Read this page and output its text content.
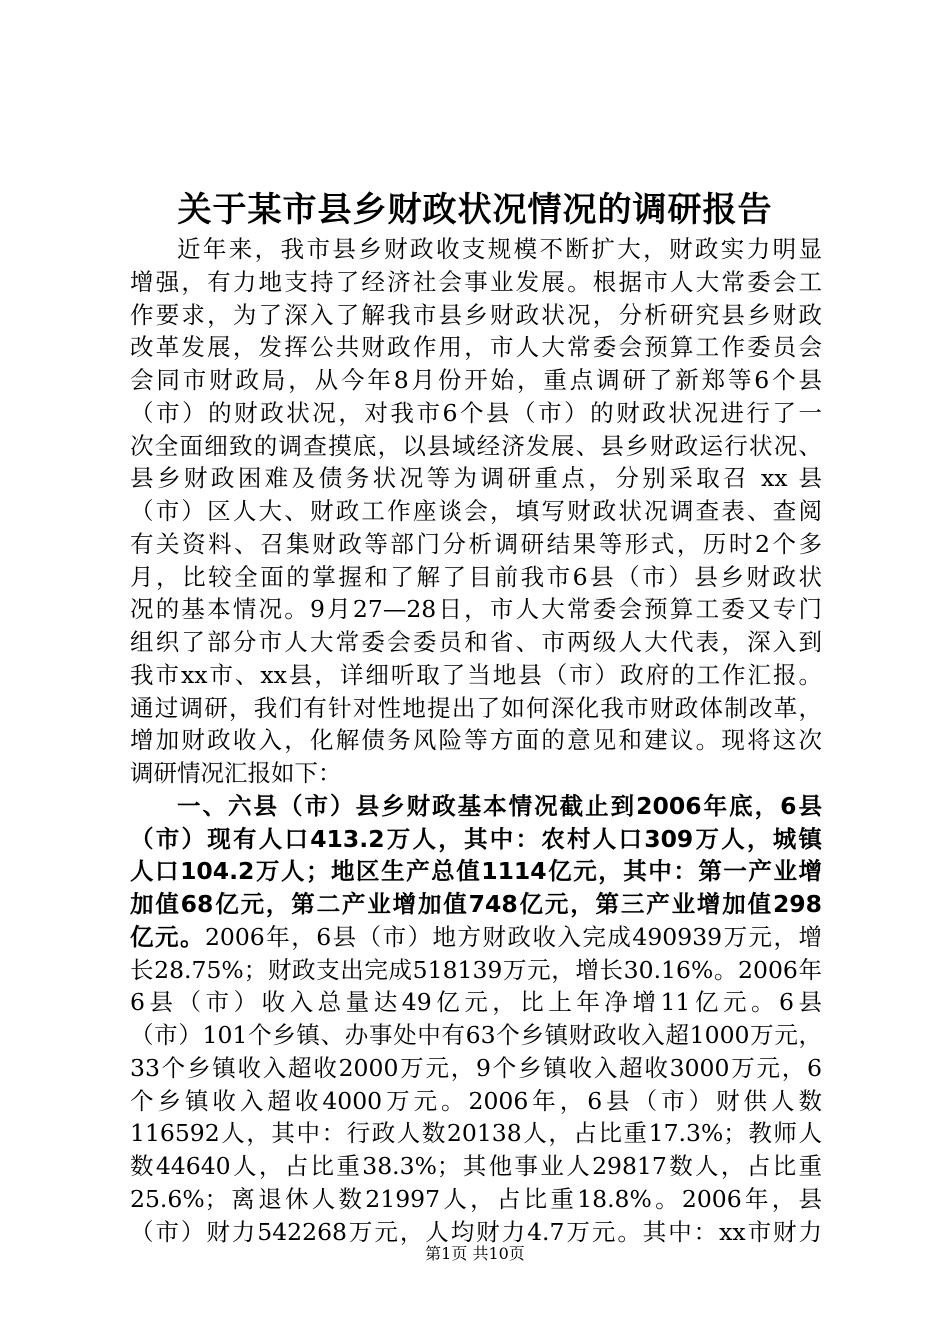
关于某市县乡财政状况情况的调研报告
近年来，我市县乡财政收支规模不断扩大，财政实力明显
增强，有力地支持了经济社会事业发展。根据市人大常委会工
作要求，为了深入了解我市县乡财政状况，分析研究县乡财政
改革发展，发挥公共财政作用，市人大常委会预算工作委员会
会同市财政局，从今年8月份开始，重点调研了新郑等6个县
（市）的财政状况，对我市6个县（市）的财政状况进行了一
次全面细致的调查摸底，以县域经济发展、县乡财政运行状况、
县乡财政困难及债务状况等为调研重点，分别采取召 xx 县
（市）区人大、财政工作座谈会，填写财政状况调查表、查阅
有关资料、召集财政等部门分析调研结果等形式，历时2个多
月，比较全面的掌握和了解了目前我市6县（市）县乡财政状
况的基本情况。9月27—28日，市人大常委会预算工委又专门
组织了部分市人大常委会委员和省、市两级人大代表，深入到
我市xx市、xx县，详细听取了当地县（市）政府的工作汇报。
通过调研，我们有针对性地提出了如何深化我市财政体制改革，
增加财政收入，化解债务风险等方面的意见和建议。现将这次
调研情况汇报如下：
一、六县（市）县乡财政基本情况截止到2006年底，6县
（市）现有人口413.2万人，其中：农村人口309万人，城镇
人口104.2万人；地区生产总值1114亿元，其中：第一产业增
加值68亿元，第二产业增加值748亿元，第三产业增加值298
亿元。2006年，6县（市）地方财政收入完成490939万元，增
长28.75%；财政支出完成518139万元，增长30.16%。2006年
6县（市）收入总量达49亿元，比上年净增11亿元。6县
（市）101个乡镇、办事处中有63个乡镇财政收入超1000万元，
33个乡镇收入超收2000万元，9个乡镇收入超收3000万元，6
个乡镇收入超收4000万元。2006年，6县（市）财供人数
116592人，其中：行政人数20138人，占比重17.3%；教师人
数44640人，占比重38.3%；其他事业人29817数人，占比重
25.6%；离退休人数21997人，占比重18.8%。2006年，县
（市）财力542268万元，人均财力4.7万元。其中：xx市财力
第1页 共10页
